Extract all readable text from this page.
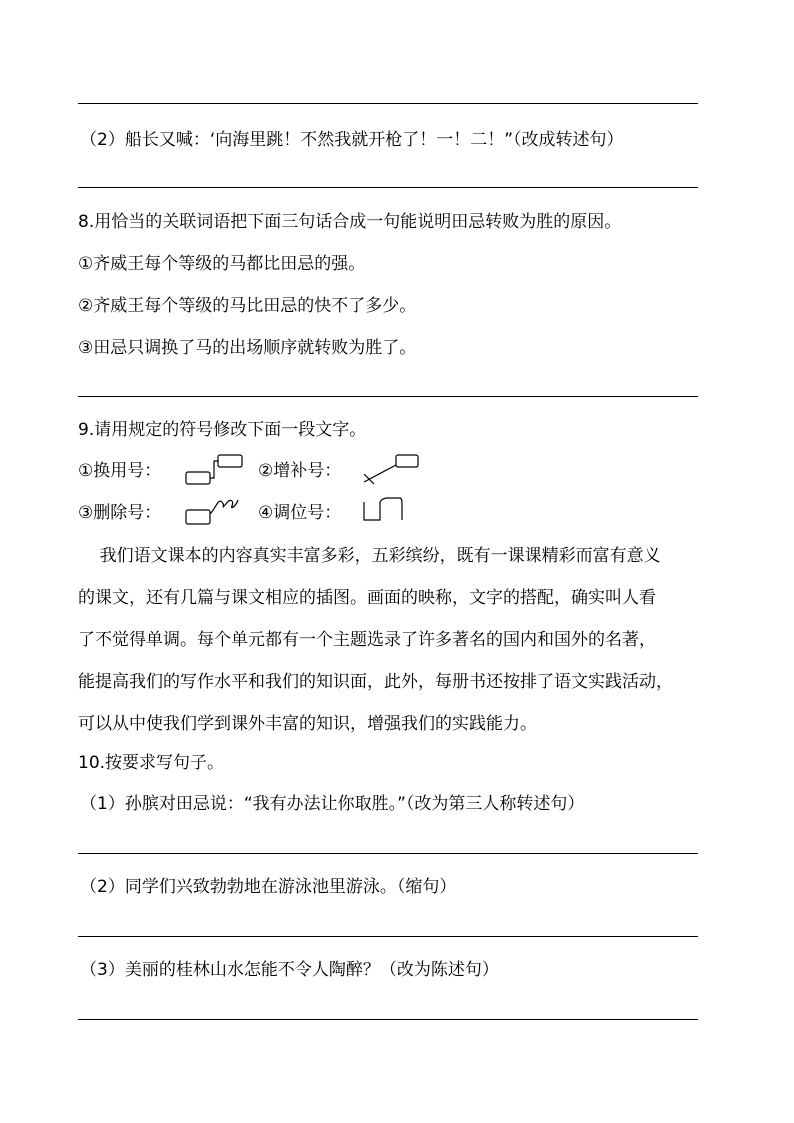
（2）船长又喊：‘向海里跳！不然我就开枪了！一！二！”（改成转述句）
8.用恰当的关联词语把下面三句话合成一句能说明田忌转败为胜的原因。
①齐威王每个等级的马都比田忌的强。
②齐威王每个等级的马比田忌的快不了多少。
③田忌只调换了马的出场顺序就转败为胜了。
9.请用规定的符号修改下面一段文字。
①换用号：	②增补号：
③删除号：	④调位号：

我们语文课本的内容真实丰富多彩，五彩缤纷，既有一课课精彩而富有意义

的课文，还有几篇与课文相应的插图。画面的映称，文字的搭配，确实叫人看

了不觉得单调。每个单元都有一个主题选录了许多著名的国内和国外的名著，

能提高我们的写作水平和我们的知识面，此外，每册书还按排了语文实践活动，

可以从中使我们学到课外丰富的知识，增强我们的实践能力。

10.按要求写句子。
（1）孙膑对田忌说：“我有办法让你取胜。”（改为第三人称转述句）
（2）同学们兴致勃勃地在游泳池里游泳。（缩句）
（3）美丽的桂林山水怎能不令人陶醉？（改为陈述句）
